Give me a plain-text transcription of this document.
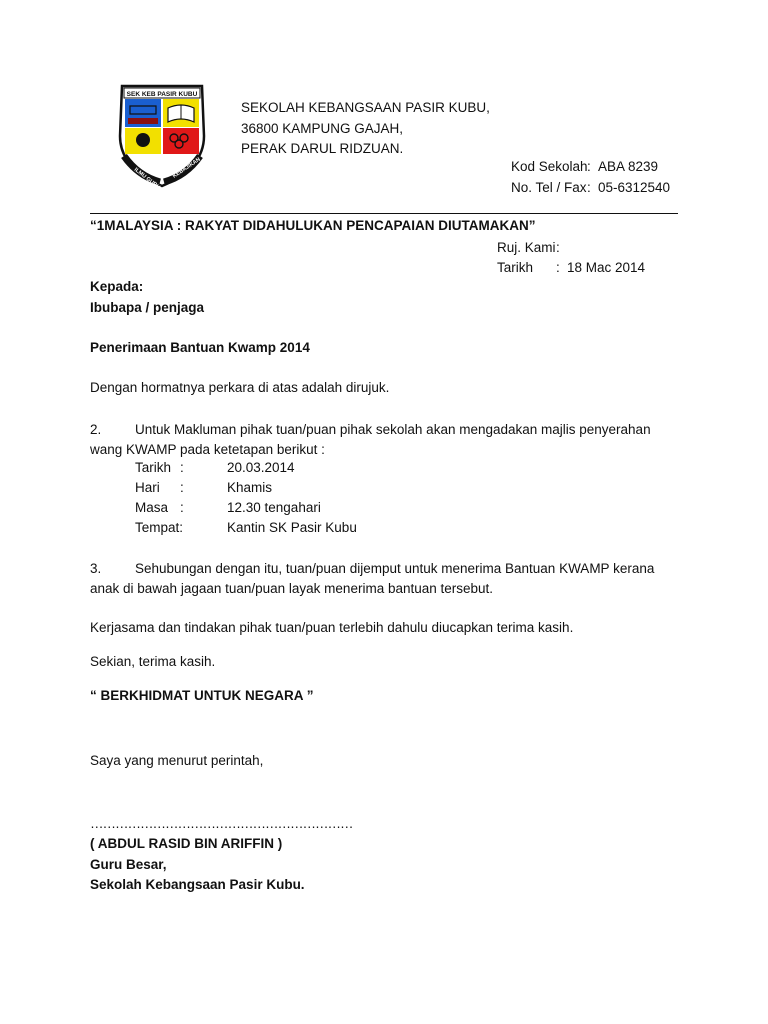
SEK KEB PASIR KUBU
ILMU GURU KEBAJIKAN
SEKOLAH KEBANGSAAN PASIR KUBU,
36800 KAMPUNG GAJAH,
PERAK DARUL RIDZUAN.
Kod Sekolah : ABA 8239
No. Tel / Fax : 05-6312540
“1MALAYSIA : RAKYAT DIDAHULUKAN PENCAPAIAN DIUTAMAKAN”
Ruj. Kami :
Tarikh : 18 Mac 2014
Kepada:
Ibubapa / penjaga
Penerimaan Bantuan Kwamp 2014
Dengan hormatnya perkara di atas adalah dirujuk.
2. Untuk Makluman pihak tuan/puan pihak sekolah akan mengadakan majlis penyerahan wang KWAMP pada ketetapan berikut :
Tarikh :	20.03.2014
Hari :	Khamis
Masa :	12.30 tengahari
Tempat:	Kantin SK Pasir Kubu
3. Sehubungan dengan itu, tuan/puan dijemput untuk menerima Bantuan KWAMP kerana anak di bawah jagaan tuan/puan layak menerima bantuan tersebut.
Kerjasama dan tindakan pihak tuan/puan terlebih dahulu diucapkan terima kasih.
Sekian, terima kasih.
“ BERKHIDMAT UNTUK NEGARA ”
Saya yang menurut perintah,
………………………………………………………
( ABDUL RASID BIN ARIFFIN )
Guru Besar,
Sekolah Kebangsaan Pasir Kubu.
